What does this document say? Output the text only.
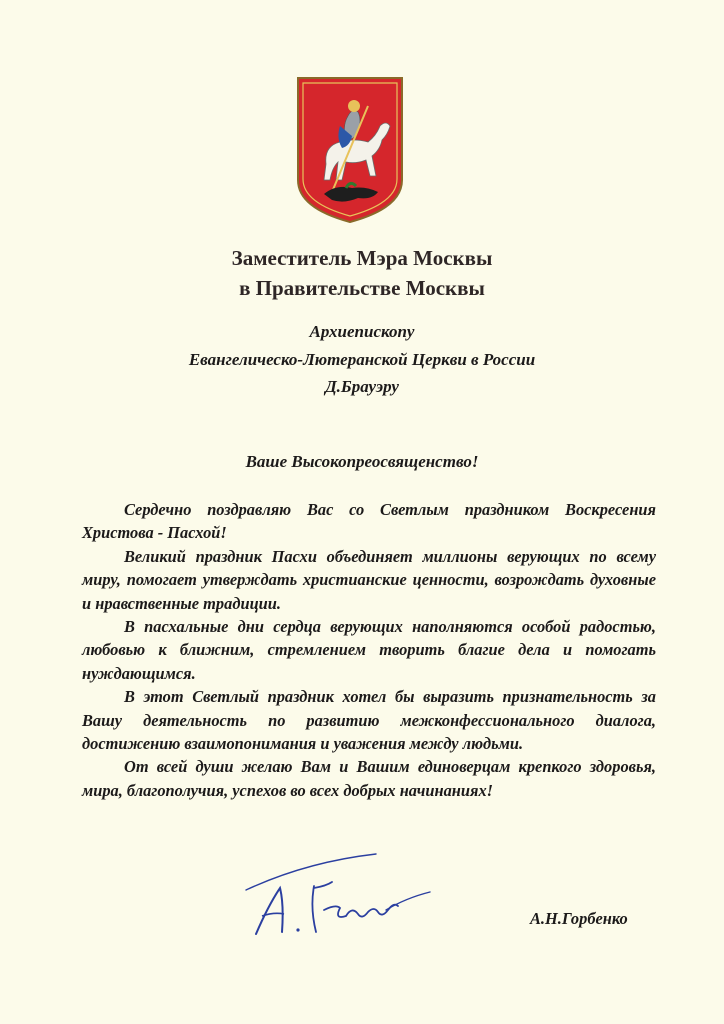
Заместитель Мэра Москвы
в Правительстве Москвы
Архиепископу
Евангелическо-Лютеранской Церкви в России
Д.Брауэру
Ваше Высокопреосвященство!

Сердечно поздравляю Вас со Светлым праздником Воскресения Христова - Пасхой!

Великий праздник Пасхи объединяет миллионы верующих по всему миру, помогает утверждать христианские ценности, возрождать духовные и нравственные традиции.

В пасхальные дни сердца верующих наполняются особой радостью, любовью к ближним, стремлением творить благие дела и помогать нуждающимся.

В этот Светлый праздник хотел бы выразить признательность за Вашу деятельность по развитию межконфессионального диалога, достижению взаимопонимания и уважения между людьми.

От всей души желаю Вам и Вашим единоверцам крепкого здоровья, мира, благополучия, успехов во всех добрых начинаниях!

А.Н.Горбенко
